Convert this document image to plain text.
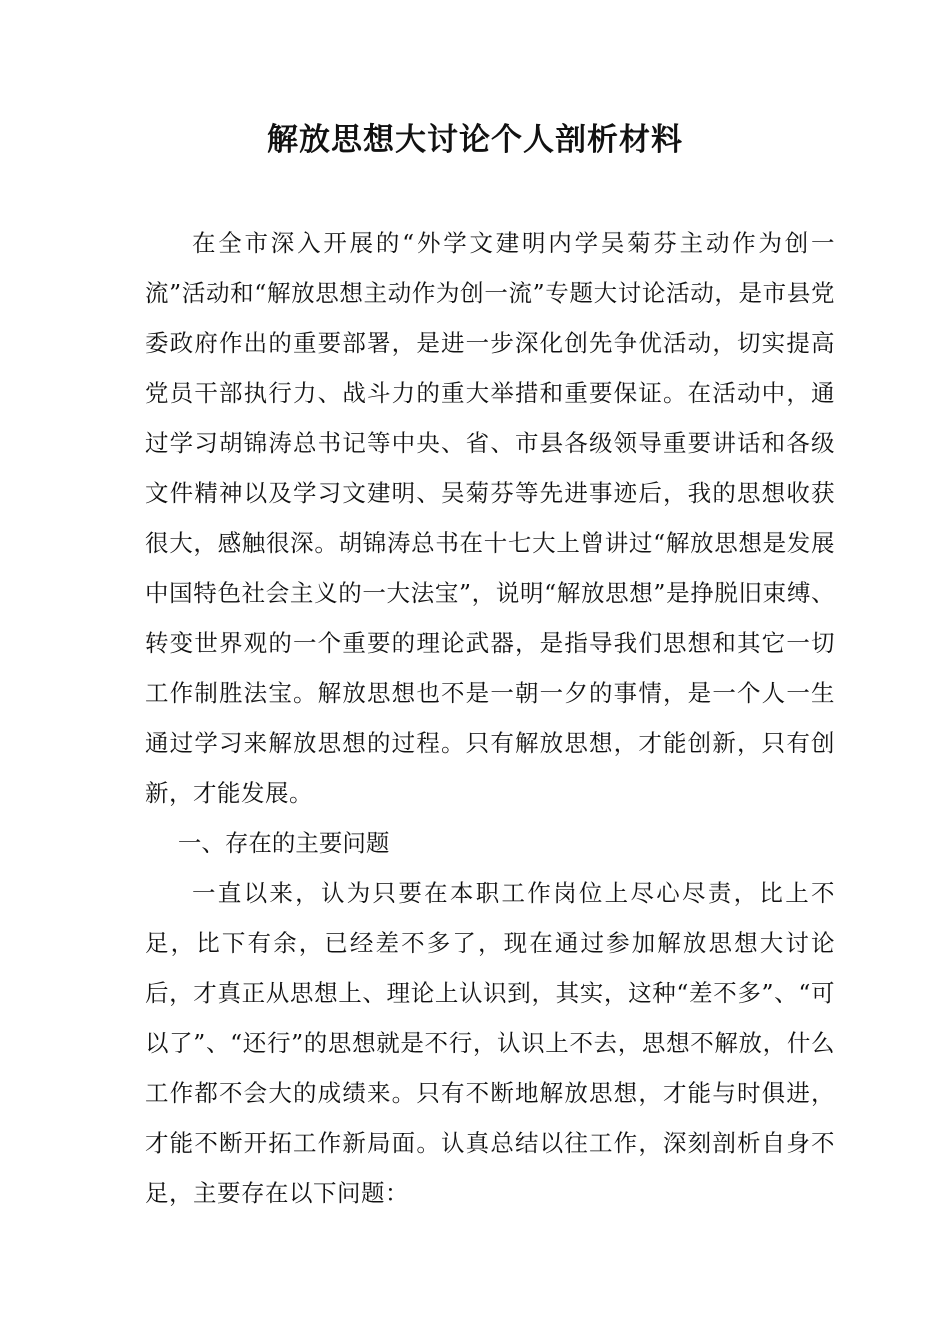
解放思想大讨论个人剖析材料

在全市深入开展的“外学文建明内学吴菊芬主动作为创一流”活动和“解放思想主动作为创一流”专题大讨论活动，是市县党委政府作出的重要部署，是进一步深化创先争优活动，切实提高党员干部执行力、战斗力的重大举措和重要保证。在活动中，通过学习胡锦涛总书记等中央、省、市县各级领导重要讲话和各级文件精神以及学习文建明、吴菊芬等先进事迹后，我的思想收获很大，感触很深。胡锦涛总书在十七大上曾讲过“解放思想是发展中国特色社会主义的一大法宝”，说明“解放思想”是挣脱旧束缚、转变世界观的一个重要的理论武器，是指导我们思想和其它一切工作制胜法宝。解放思想也不是一朝一夕的事情，是一个人一生通过学习来解放思想的过程。只有解放思想，才能创新，只有创新，才能发展。

一、存在的主要问题

一直以来，认为只要在本职工作岗位上尽心尽责，比上不足，比下有余，已经差不多了，现在通过参加解放思想大讨论后，才真正从思想上、理论上认识到，其实，这种“差不多”、“可以了”、“还行”的思想就是不行，认识上不去，思想不解放，什么工作都不会大的成绩来。只有不断地解放思想，才能与时俱进，才能不断开拓工作新局面。认真总结以往工作，深刻剖析自身不足，主要存在以下问题：
